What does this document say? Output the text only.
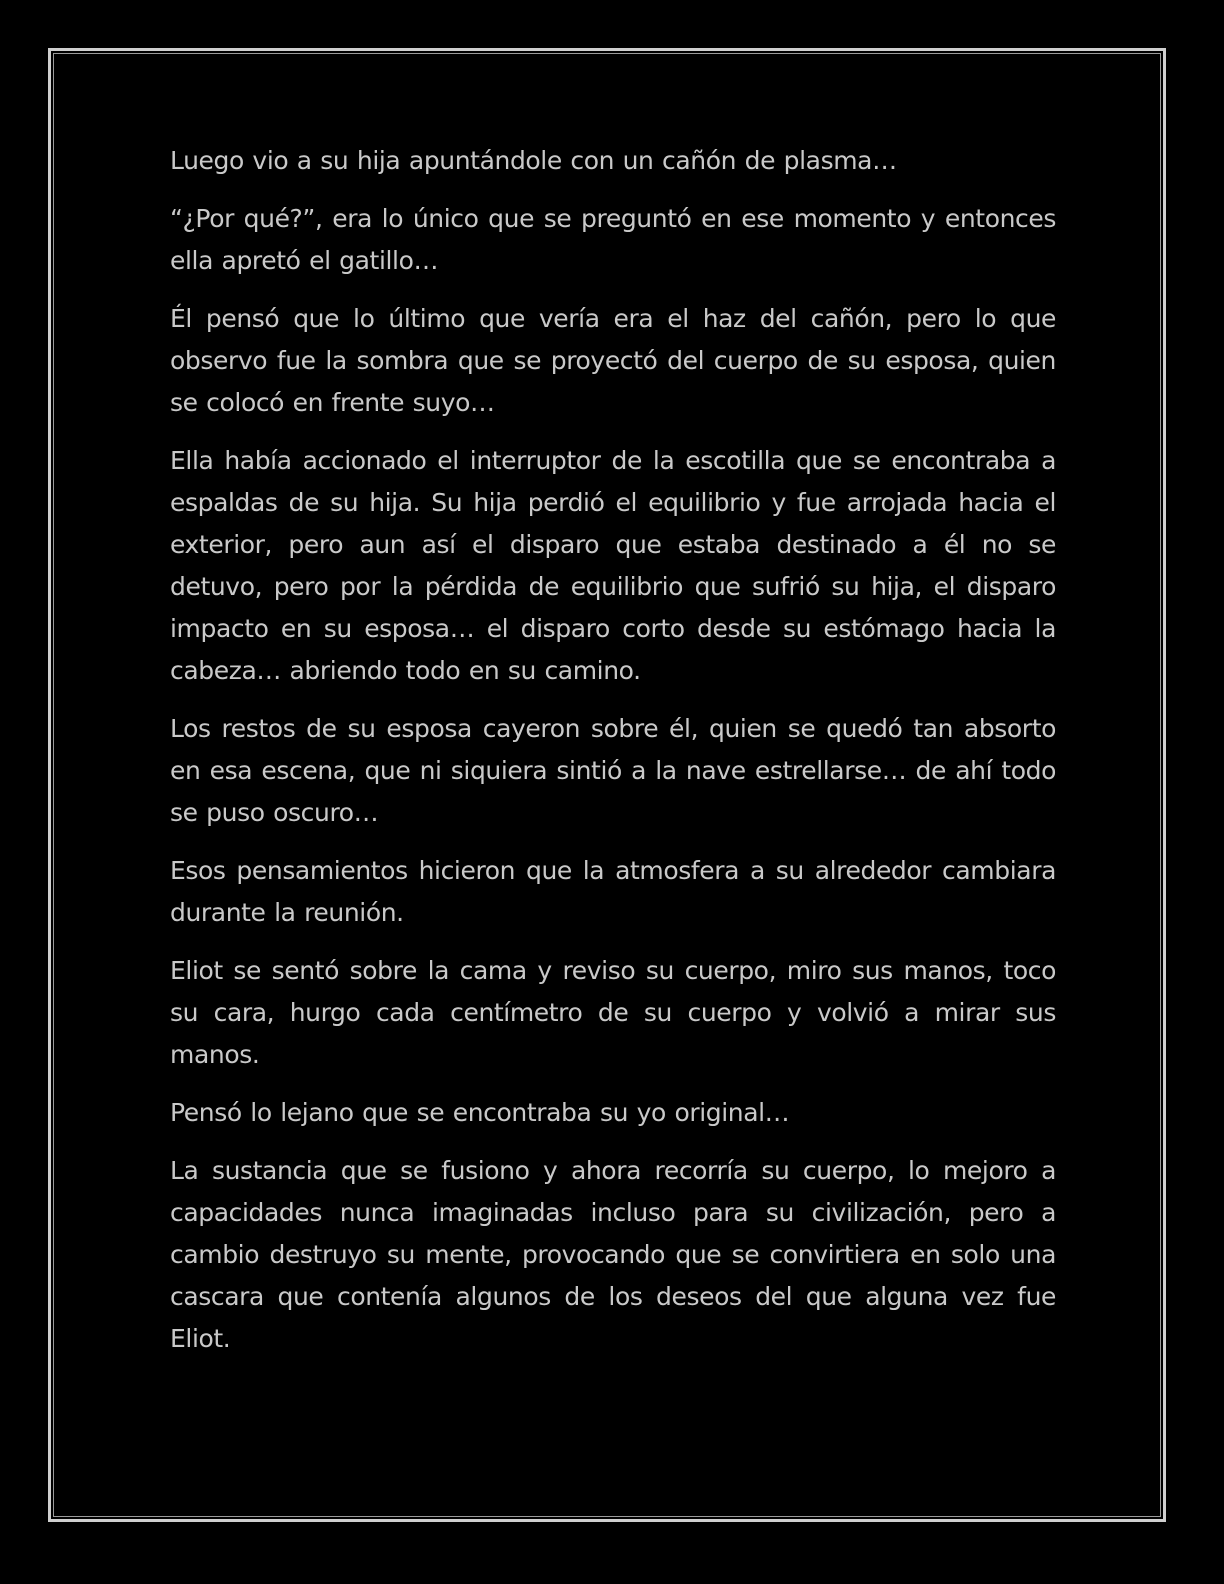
Luego vio a su hija apuntándole con un cañón de plasma…

“¿Por qué?”, era lo único que se preguntó en ese momento y entonces ella apretó el gatillo…

Él pensó que lo último que vería era el haz del cañón, pero lo que observo fue la sombra que se proyectó del cuerpo de su esposa, quien se colocó en frente suyo…

Ella había accionado el interruptor de la escotilla que se encontraba a espaldas de su hija. Su hija perdió el equilibrio y fue arrojada hacia el exterior, pero aun así el disparo que estaba destinado a él no se detuvo, pero por la pérdida de equilibrio que sufrió su hija, el disparo impacto en su esposa… el disparo corto desde su estómago hacia la cabeza… abriendo todo en su camino.

Los restos de su esposa cayeron sobre él, quien se quedó tan absorto en esa escena, que ni siquiera sintió a la nave estrellarse… de ahí todo se puso oscuro…

Esos pensamientos hicieron que la atmosfera a su alrededor cambiara durante la reunión.

Eliot se sentó sobre la cama y reviso su cuerpo, miro sus manos, toco su cara, hurgo cada centímetro de su cuerpo y volvió a mirar sus manos.

Pensó lo lejano que se encontraba su yo original…

La sustancia que se fusiono y ahora recorría su cuerpo, lo mejoro a capacidades nunca imaginadas incluso para su civilización, pero a cambio destruyo su mente, provocando que se convirtiera en solo una cascara que contenía algunos de los deseos del que alguna vez fue Eliot.
